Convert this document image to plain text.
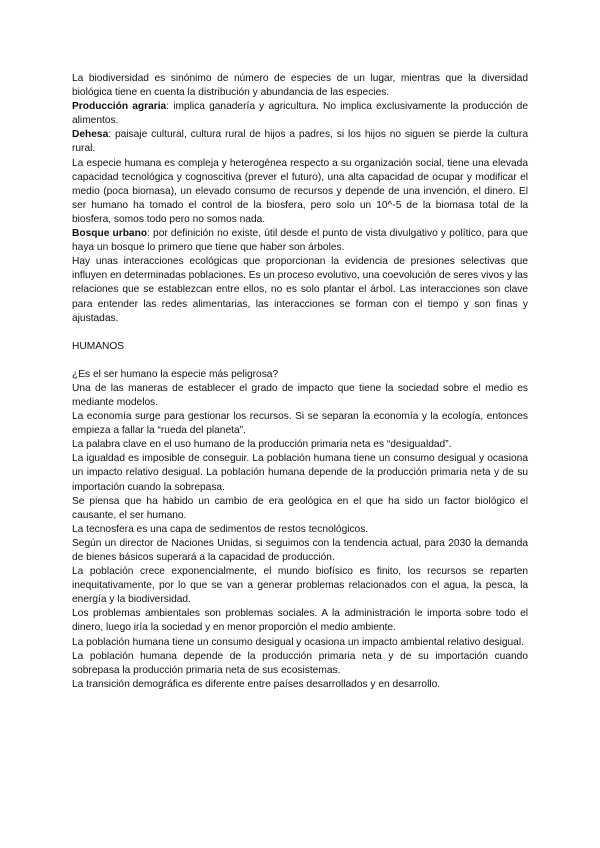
La biodiversidad es sinónimo de número de especies de un lugar, mientras que la diversidad biológica tiene en cuenta la distribución y abundancia de las especies.

Producción agraria: implica ganadería y agricultura. No implica exclusivamente la producción de alimentos.

Dehesa: paisaje cultural, cultura rural de hijos a padres, si los hijos no siguen se pierde la cultura rural.

La especie humana es compleja y heterogénea respecto a su organización social, tiene una elevada capacidad tecnológica y cognoscitiva (prever el futuro), una alta capacidad de ocupar y modificar el medio (poca biomasa), un elevado consumo de recursos y depende de una invención, el dinero. El ser humano ha tomado el control de la biosfera, pero solo un 10^-5 de la biomasa total de la biosfera, somos todo pero no somos nada.

Bosque urbano: por definición no existe, útil desde el punto de vista divulgativo y político, para que haya un bosque lo primero que tiene que haber son árboles.

Hay unas interacciones ecológicas que proporcionan la evidencia de presiones selectivas que influyen en determinadas poblaciones. Es un proceso evolutivo, una coevolución de seres vivos y las relaciones que se establezcan entre ellos, no es solo plantar el árbol. Las interacciones son clave para entender las redes alimentarias, las interacciones se forman con el tiempo y son finas y ajustadas.

HUMANOS

¿Es el ser humano la especie más peligrosa?

Una de las maneras de establecer el grado de impacto que tiene la sociedad sobre el medio es mediante modelos.

La economía surge para gestionar los recursos. Si se separan la economía y la ecología, entonces empieza a fallar la “rueda del planeta”.

La palabra clave en el uso humano de la producción primaria neta es “desigualdad”.

La igualdad es imposible de conseguir. La población humana tiene un consumo desigual y ocasiona un impacto relativo desigual. La población humana depende de la producción primaria neta y de su importación cuando la sobrepasa.

Se piensa que ha habido un cambio de era geológica en el que ha sido un factor biológico el causante, el ser humano.

La tecnosfera es una capa de sedimentos de restos tecnológicos.

Según un director de Naciones Unidas, si seguimos con la tendencia actual, para 2030 la demanda de bienes básicos superará a la capacidad de producción.

La población crece exponencialmente, el mundo biofísico es finito, los recursos se reparten inequitativamente, por lo que se van a generar problemas relacionados con el agua, la pesca, la energía y la biodiversidad.

Los problemas ambientales son problemas sociales. A la administración le importa sobre todo el dinero, luego iría la sociedad y en menor proporción el medio ambiente.

La población humana tiene un consumo desigual y ocasiona un impacto ambiental relativo desigual.

La población humana depende de la producción primaria neta y de su importación cuando sobrepasa la producción primaria neta de sus ecosistemas.

La transición demográfica es diferente entre países desarrollados y en desarrollo.
